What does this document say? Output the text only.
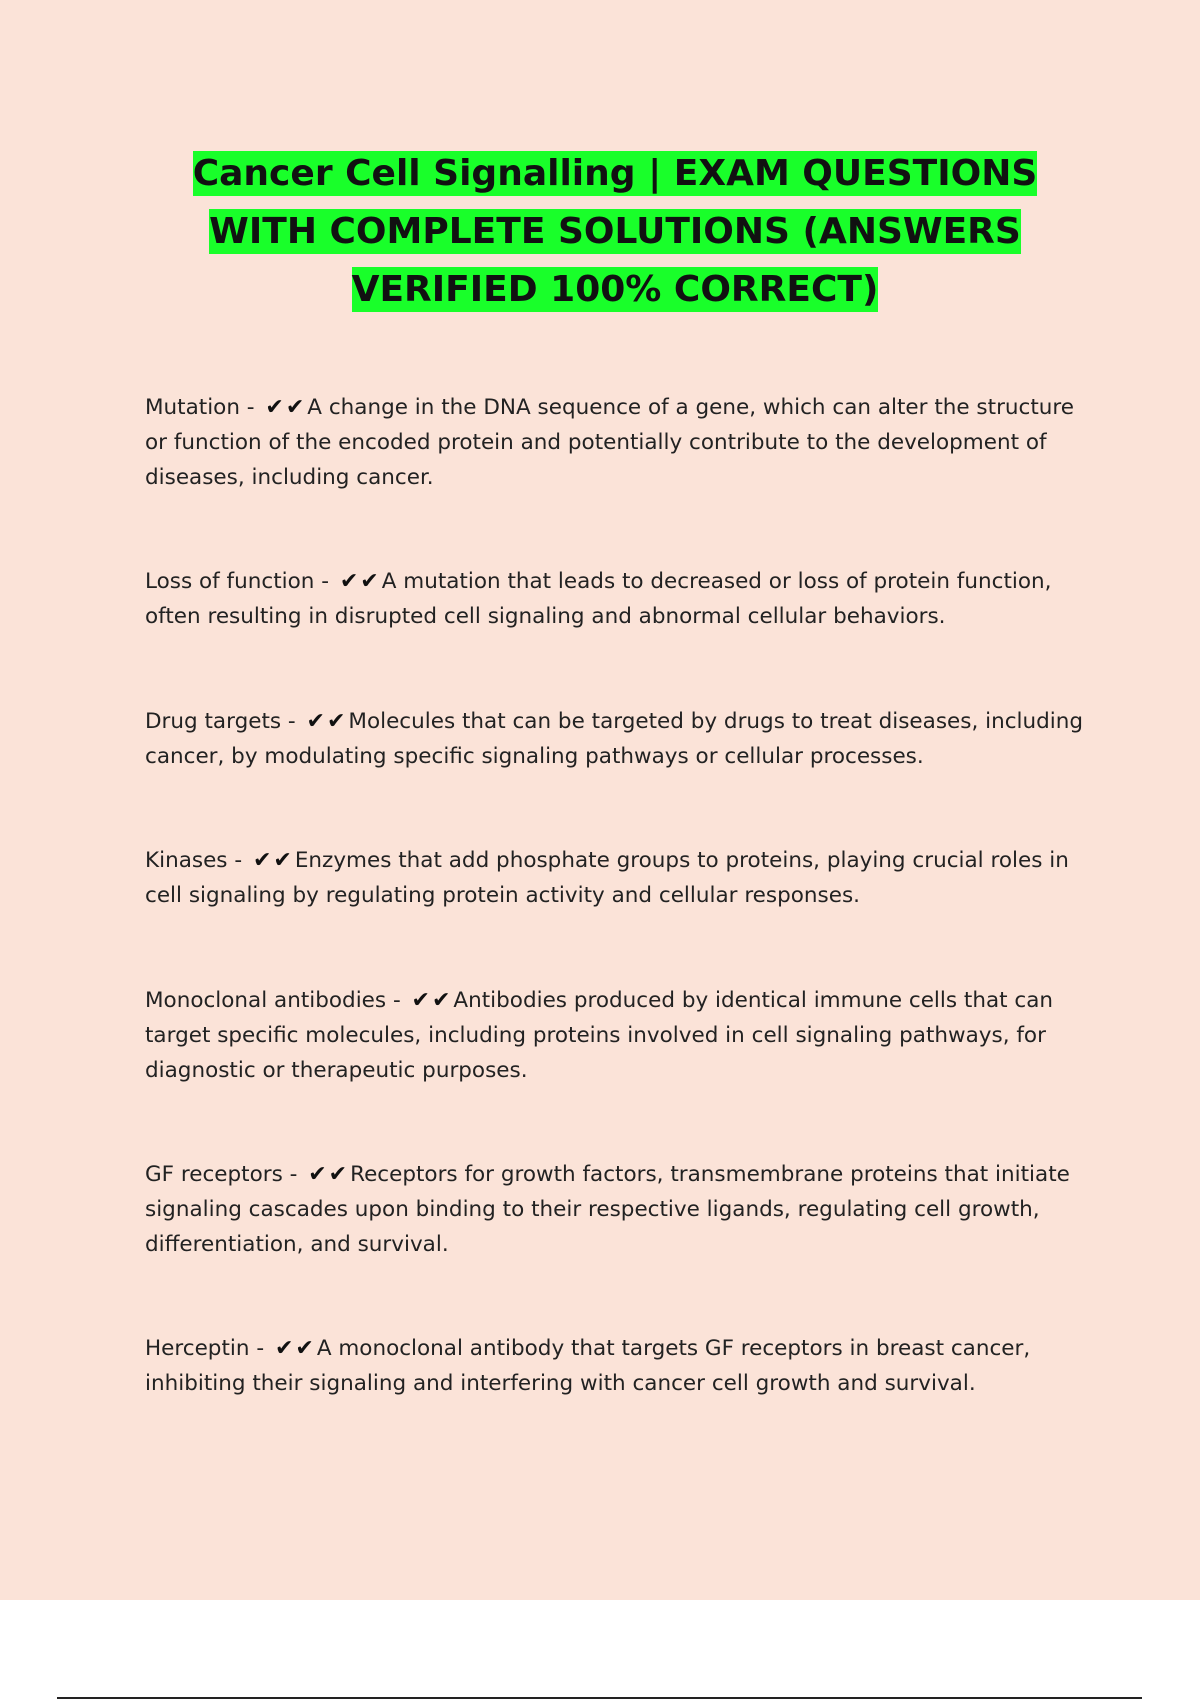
Cancer Cell Signalling | EXAM QUESTIONS WITH COMPLETE SOLUTIONS (ANSWERS VERIFIED 100% CORRECT)

Mutation - ✔✔ A change in the DNA sequence of a gene, which can alter the structure or function of the encoded protein and potentially contribute to the development of diseases, including cancer.

Loss of function - ✔✔ A mutation that leads to decreased or loss of protein function, often resulting in disrupted cell signaling and abnormal cellular behaviors.

Drug targets - ✔✔ Molecules that can be targeted by drugs to treat diseases, including cancer, by modulating specific signaling pathways or cellular processes.

Kinases - ✔✔ Enzymes that add phosphate groups to proteins, playing crucial roles in cell signaling by regulating protein activity and cellular responses.

Monoclonal antibodies - ✔✔ Antibodies produced by identical immune cells that can target specific molecules, including proteins involved in cell signaling pathways, for diagnostic or therapeutic purposes.

GF receptors - ✔✔ Receptors for growth factors, transmembrane proteins that initiate signaling cascades upon binding to their respective ligands, regulating cell growth, differentiation, and survival.

Herceptin - ✔✔ A monoclonal antibody that targets GF receptors in breast cancer, inhibiting their signaling and interfering with cancer cell growth and survival.
